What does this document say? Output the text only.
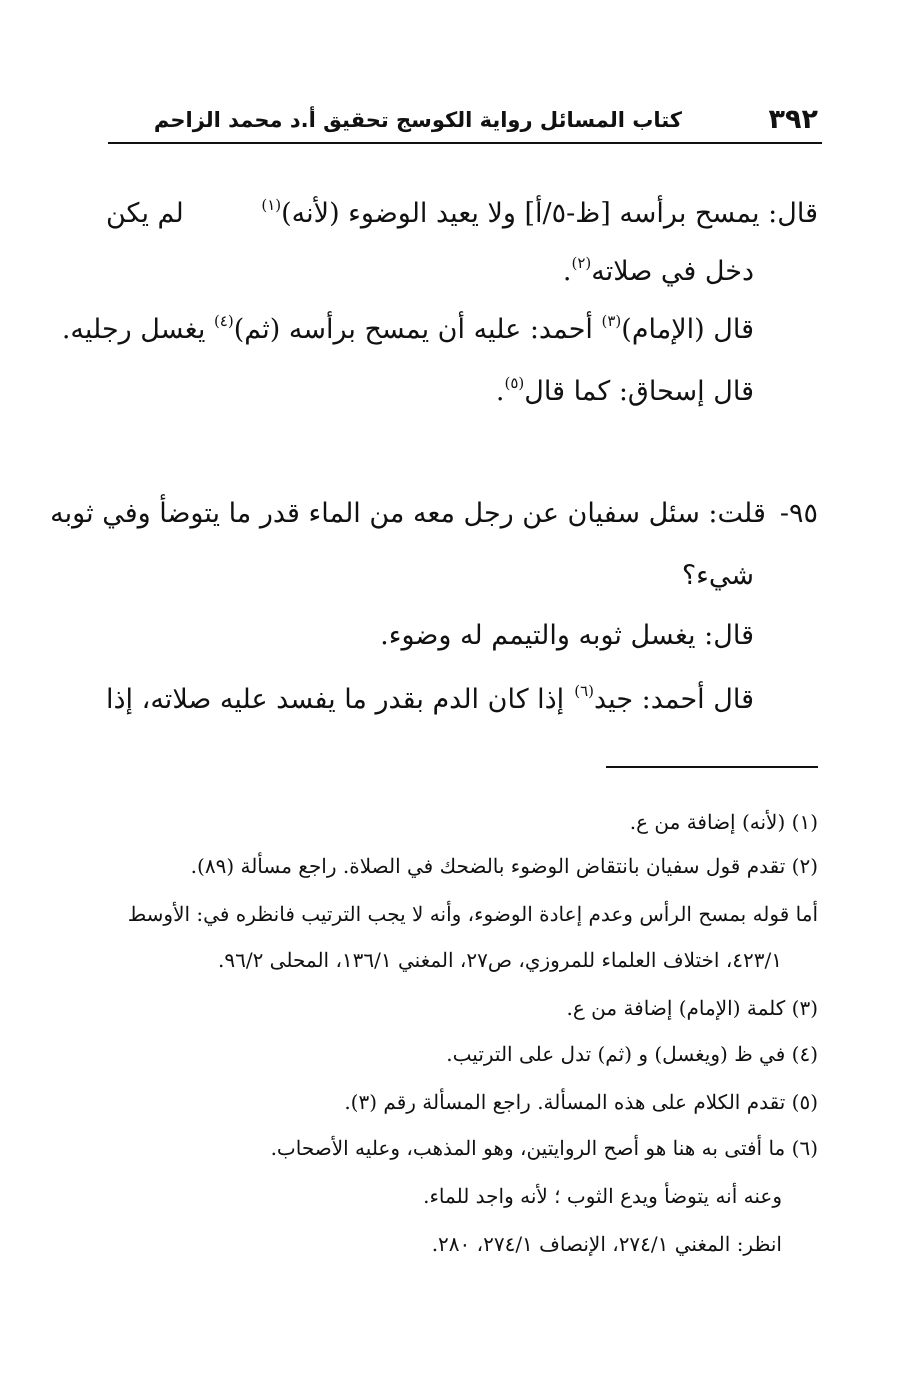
٣٩٢
كتاب المسائل رواية الكوسج تحقيق أ.د محمد الزاحم
قال: يمسح برأسه [ظ-٥/أ] ولا يعيد الوضوء (لأنه)$^{(١)}$
لم يكن
دخل في صلاته$^{(٢)}$.
قال (الإمام)$^{(٣)}$ أحمد: عليه أن يمسح برأسه (ثم)$^{(٤)}$ يغسل رجليه.
قال إسحاق: كما قال$^{(٥)}$.
٩٥-قلت: سئل سفيان عن رجل معه من الماء قدر ما يتوضأ وفي ثوبه
شيء؟
قال: يغسل ثوبه والتيمم له وضوء.
قال أحمد: جيد$^{(٦)}$
إذا كان الدم بقدر ما يفسد عليه صلاته، إذا
(١) (لأنه) إضافة من ع.
(٢) تقدم قول سفيان بانتقاض الوضوء بالضحك في الصلاة. راجع مسألة (٨٩).
أما قوله بمسح الرأس وعدم إعادة الوضوء، وأنه لا يجب الترتيب فانظره في: الأوسط
٤٢٣/١، اختلاف العلماء للمروزي، ص٢٧، المغني ١٣٦/١، المحلى ٩٦/٢.
(٣) كلمة (الإمام) إضافة من ع.
(٤) في ظ (ويغسل) و (ثم) تدل على الترتيب.
(٥) تقدم الكلام على هذه المسألة. راجع المسألة رقم (٣).
(٦) ما أفتى به هنا هو أصح الروايتين، وهو المذهب، وعليه الأصحاب.
وعنه أنه يتوضأ ويدع الثوب ؛ لأنه واجد للماء.
انظر: المغني ٢٧٤/١، الإنصاف ٢٧٤/١، ٢٨٠.
